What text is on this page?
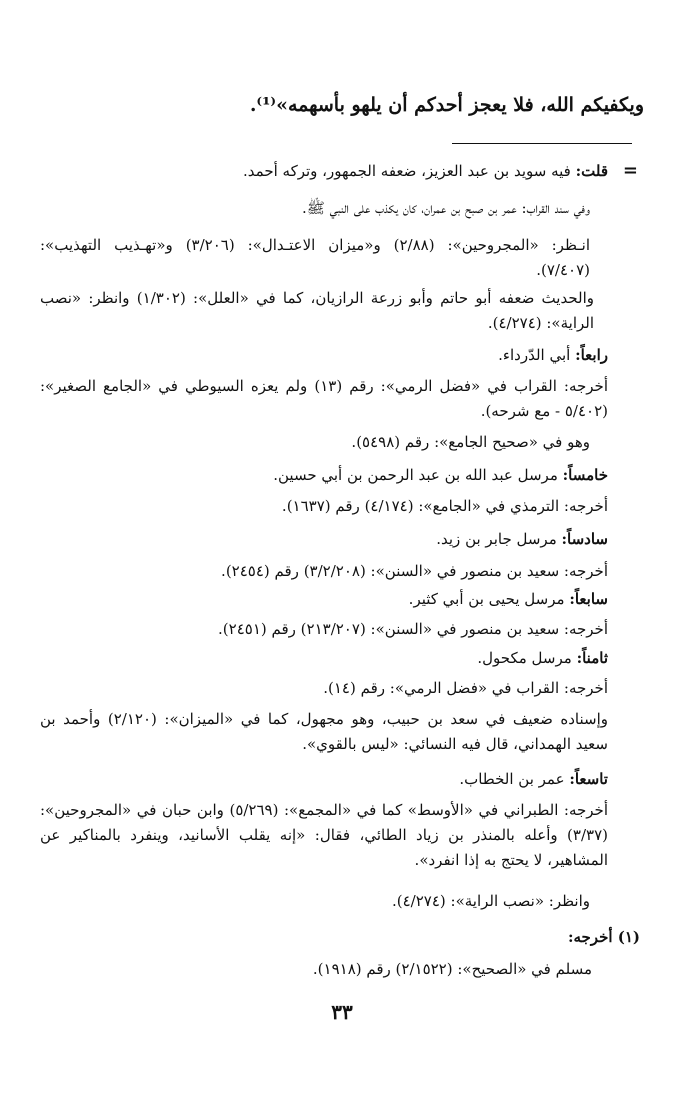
ويكفيكم الله، فلا يعجز أحدكم أن يلهو بأسهمه»⁽¹⁾.
=
قلت: فيه سويد بن عبد العزيز، ضعفه الجمهور، وتركه أحمد.
وفي سند القراب: عمر بن صبح بن عمران، كان يكذب على النبي ﷺ.
انـظر: «المجروحين»: (٢/٨٨) و«ميزان الاعتـدال»: (٣/٢٠٦) و«تهـذيب التهذيب»: (٧/٤٠٧).
والحديث ضعفه أبو حاتم وأبو زرعة الرازيان، كما في «العلل»: (١/٣٠٢) وانظر: «نصب الراية»: (٤/٢٧٤).
رابعاً: أبي الدّرداء.
أخرجه: القراب في «فضل الرمي»: رقم (١٣) ولم يعزه السيوطي في «الجامع الصغير»: (٥/٤٠٢ - مع شرحه).
وهو في «صحيح الجامع»: رقم (٥٤٩٨).
خامساً: مرسل عبد الله بن عبد الرحمن بن أبي حسين.
أخرجه: الترمذي في «الجامع»: (٤/١٧٤) رقم (١٦٣٧).
سادساً: مرسل جابر بن زيد.
أخرجه: سعيد بن منصور في «السنن»: (٣/٢/٢٠٨) رقم (٢٤٥٤).
سابعاً: مرسل يحيى بن أبي كثير.
أخرجه: سعيد بن منصور في «السنن»: (٢١٣/٢٠٧) رقم (٢٤٥١).
ثامناً: مرسل مكحول.
أخرجه: القراب في «فضل الرمي»: رقم (١٤).
وإسناده ضعيف في سعد بن حبيب، وهو مجهول، كما في «الميزان»: (٢/١٢٠) وأحمد بن سعيد الهمداني، قال فيه النسائي: «ليس بالقوي».
تاسعاً: عمر بن الخطاب.
أخرجه: الطبراني في «الأوسط» كما في «المجمع»: (٥/٢٦٩) وابن حبان في «المجروحين»: (٣/٣٧) وأعله بالمنذر بن زياد الطائي، فقال: «إنه يقلب الأسانيد، وينفرد بالمناكير عن المشاهير، لا يحتج به إذا انفرد».
وانظر: «نصب الراية»: (٤/٢٧٤).
(١) أخرجه:
مسلم في «الصحيح»: (٢/١٥٢٢) رقم (١٩١٨).
٣٣
